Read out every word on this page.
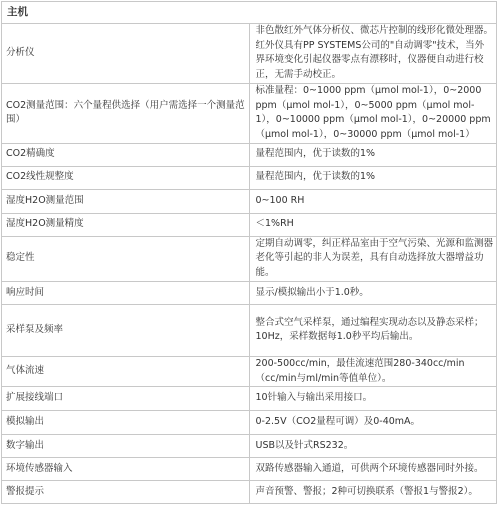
主机	
分析仪	非色散红外气体分析仪、微芯片控制的线形化微处理器。红外仪具有PP SYSTEMS公司的"自动调零"技术，当外界环境变化引起仪器零点有漂移时，仪器便自动进行校正，无需手动校正。
CO2测量范围：六个量程供选择（用户需选择一个测量范围）	标准量程：0~1000 ppm（μmol mol-1），0~2000 ppm（μmol mol-1），0~5000 ppm（μmol mol-1），0~10000 ppm（μmol mol-1），0~20000 ppm（μmol mol-1），0~30000 ppm（μmol mol-1）
CO2精确度	量程范围内，优于读数的1%
CO2线性规整度	量程范围内，优于读数的1%
湿度H2O测量范围	0~100 RH
湿度H2O测量精度	＜1%RH
稳定性	定期自动调零，纠正样品室由于空气污染、光源和监测器老化等引起的非人为误差，具有自动选择放大器增益功能。
响应时间	显示/模拟输出小于1.0秒。
采样泵及频率	整合式空气采样泵，通过编程实现动态以及静态采样；10Hz，采样数据每1.0秒平均后输出。
气体流速	200-500cc/min，最佳流速范围280-340cc/min（cc/min与ml/min等值单位）。
扩展接线端口	10针输入与输出采用接口。
模拟输出	0-2.5V（CO2量程可调）及0-40mA。
数字输出	USB以及针式RS232。
环境传感器输入	双路传感器输入通道，可供两个环境传感器同时外接。
警报提示	声音预警、警报；2种可切换联系（警报1与警报2）。
